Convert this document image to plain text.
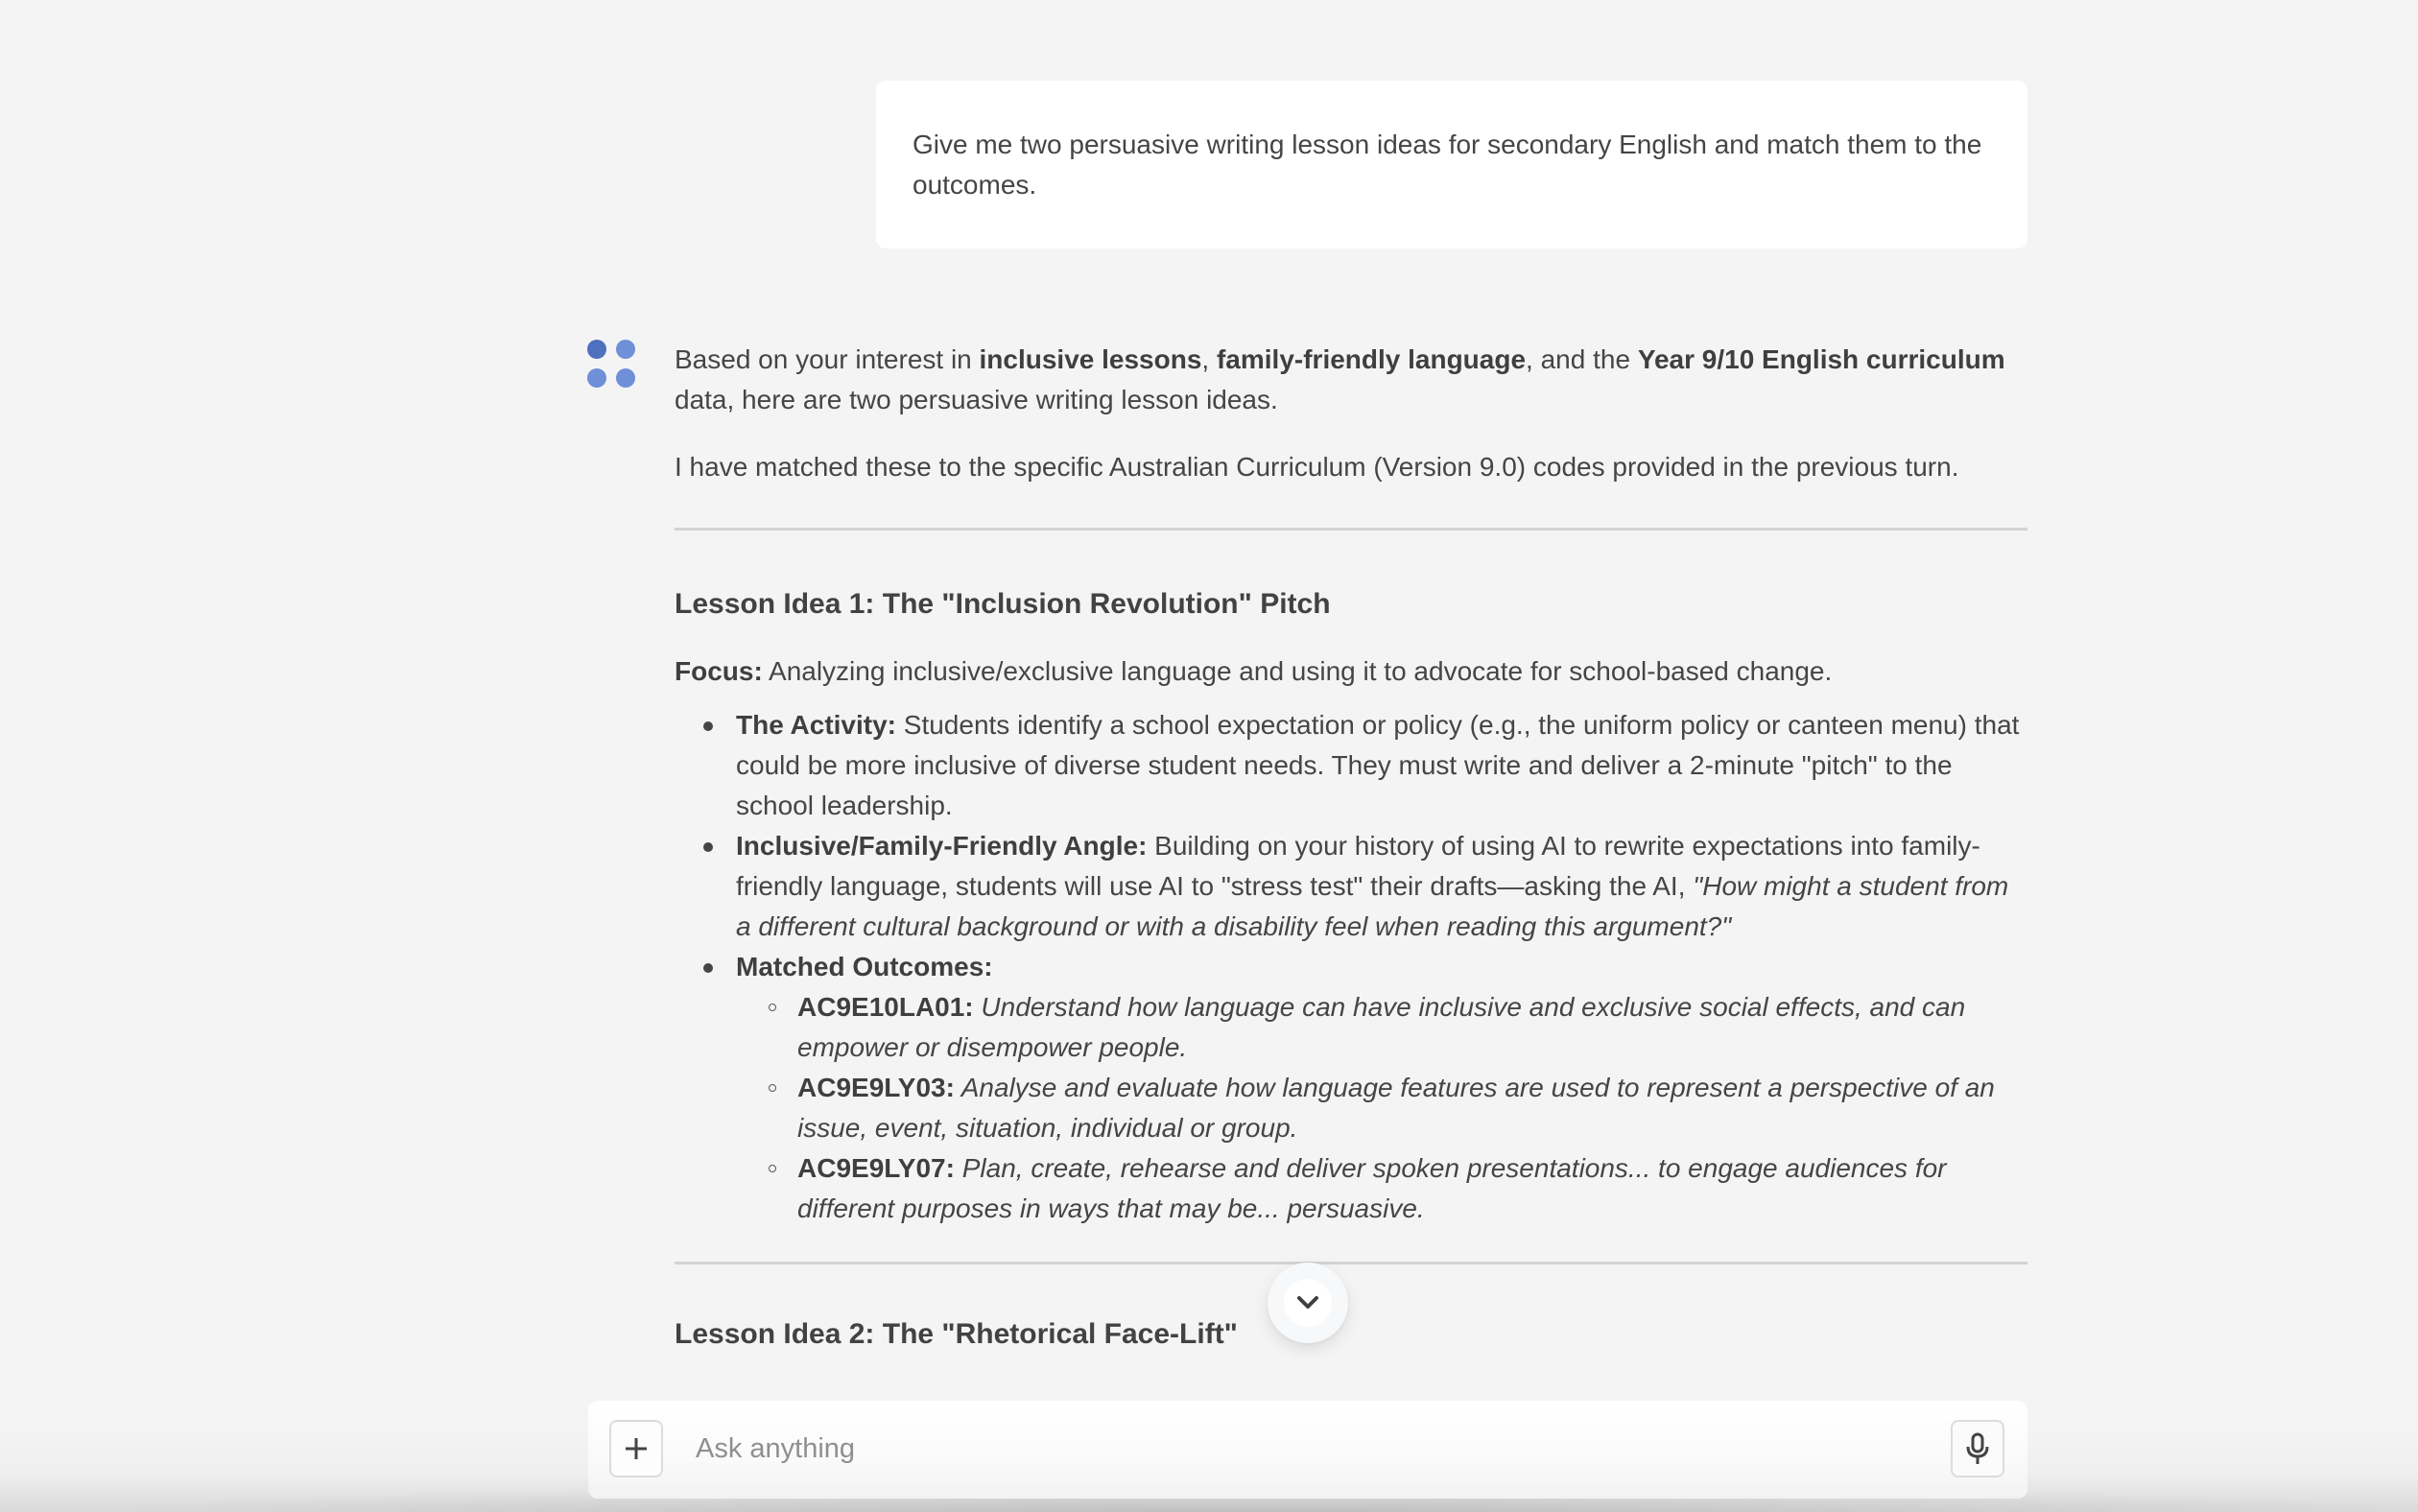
Give me two persuasive writing lesson ideas for secondary English and match them to the outcomes.

Based on your interest in inclusive lessons, family-friendly language, and the Year 9/10 English curriculum data, here are two persuasive writing lesson ideas.

I have matched these to the specific Australian Curriculum (Version 9.0) codes provided in the previous turn.

Lesson Idea 1: The "Inclusion Revolution" Pitch

Focus: Analyzing inclusive/exclusive language and using it to advocate for school-based change.

The Activity: Students identify a school expectation or policy (e.g., the uniform policy or canteen menu) that could be more inclusive of diverse student needs. They must write and deliver a 2-minute "pitch" to the school leadership.
Inclusive/Family-Friendly Angle: Building on your history of using AI to rewrite expectations into family-friendly language, students will use AI to "stress test" their drafts—asking the AI, "How might a student from a different cultural background or with a disability feel when reading this argument?"
Matched Outcomes:
AC9E10LA01: Understand how language can have inclusive and exclusive social effects, and can empower or disempower people.
AC9E9LY03: Analyse and evaluate how language features are used to represent a perspective of an issue, event, situation, individual or group.
AC9E9LY07: Plan, create, rehearse and deliver spoken presentations... to engage audiences for different purposes in ways that may be... persuasive.
Lesson Idea 2: The "Rhetorical Face-Lift"
Ask anything
